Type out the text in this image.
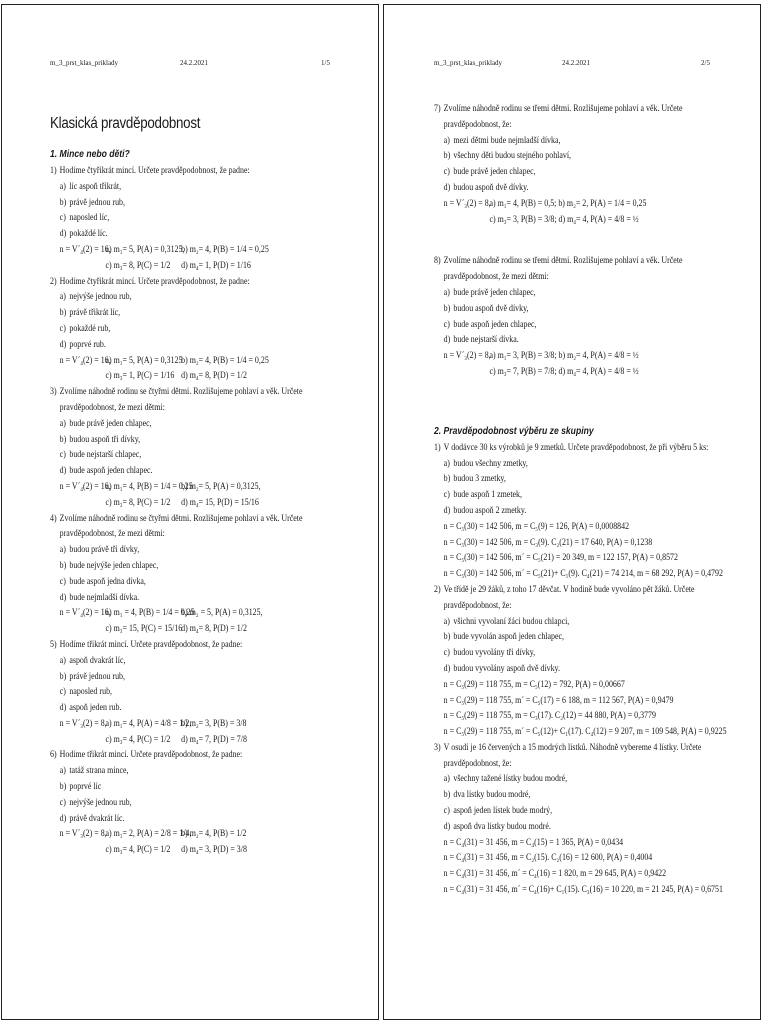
m_3_prst_klas_priklady	24.2.2021	1/5
Klasická pravděpodobnost
1. Mince nebo děti?
1) Hodíme čtyřikrát mincí. Určete pravděpodobnost, že padne:
a) líc aspoň třikrát,
b) právě jednou rub,
c) naposled líc,
d) pokaždé líc.
n = V´₄(2) = 16,
a) m₁= 5, P(A) = 0,3125,
b) m₂= 4, P(B) = 1/4 = 0,25
c) m₃= 8, P(C) = 1/2 d) m₄= 1, P(D) = 1/16
2) Hodíme čtyřikrát mincí. Určete pravděpodobnost, že padne:
a) nejvýše jednou rub,
b) právě třikrát líc,
c) pokaždé rub,
d) poprvé rub.
n = V´₄(2) = 16,
a) m₁= 5, P(A) = 0,3125
b) m₂= 4, P(B) = 1/4 = 0,25
c) m₃= 1, P(C) = 1/16 d) m₄= 8, P(D) = 1/2
3) Zvolíme náhodně rodinu se čtyřmi dětmi. Rozlišujeme pohlaví a věk. Určete
pravděpodobnost, že mezi dětmi:
a) bude právě jeden chlapec,
b) budou aspoň tři dívky,
c) bude nejstarší chlapec,
d) bude aspoň jeden chlapec.
n = V´₄(2) = 16,
a) m₁= 4, P(B) = 1/4 = 0,25
b) m₂= 5, P(A) = 0,3125,
c) m₃= 8, P(C) = 1/2 d) m₄= 15, P(D) = 15/16
4) Zvolíme náhodně rodinu se čtyřmi dětmi. Rozlišujeme pohlaví a věk. Určete
pravděpodobnost, že mezi dětmi:
a) budou právě tři dívky,
b) bude nejvýše jeden chlapec,
c) bude aspoň jedna dívka,
d) bude nejmladší dívka.
n = V´₄(2) = 16,
a) m₁ = 4, P(B) = 1/4 = 0,25
b) m₂ = 5, P(A) = 0,3125,
c) m₃= 15, P(C) = 15/16
d) m₄= 8, P(D) = 1/2
5) Hodíme třikrát mincí. Určete pravděpodobnost, že padne:
a) aspoň dvakrát líc,
b) právě jednou rub,
c) naposled rub,
d) aspoň jeden rub.
n = V´₃(2) = 8,
a) m₁= 4, P(A) = 4/8 = 1/2,
b) m₂= 3, P(B) = 3/8
c) m₃= 4, P(C) = 1/2 d) m₄= 7, P(D) = 7/8
6) Hodíme třikrát mincí. Určete pravděpodobnost, že padne:
a) tatáž strana mince,
b) poprvé líc
c) nejvýše jednou rub,
d) právě dvakrát líc.
n = V´₃(2) = 8,
a) m₁= 2, P(A) = 2/8 = 1/4,
b) m₂= 4, P(B) = 1/2
c) m₃= 4, P(C) = 1/2 d) m₄= 3, P(D) = 3/8
m_3_prst_klas_priklady	24.2.2021	2/5
7) Zvolíme náhodně rodinu se třemi dětmi. Rozlišujeme pohlaví a věk. Určete
pravděpodobnost, že:
a) mezi dětmi bude nejmladší dívka,
b) všechny děti budou stejného pohlaví,
c) bude právě jeden chlapec,
d) budou aspoň dvě dívky.
n = V´₃(2) = 8,
a) m₁= 4, P(B) = 0,5; b) m₂= 2, P(A) = 1/4 = 0,25
c) m₃= 3, P(B) = 3/8; d) m₄= 4, P(A) = 4/8 = ½
8) Zvolíme náhodně rodinu se třemi dětmi. Rozlišujeme pohlaví a věk. Určete
pravděpodobnost, že mezi dětmi:
a) bude právě jeden chlapec,
b) budou aspoň dvě dívky,
c) bude aspoň jeden chlapec,
d) bude nejstarší dívka.
n = V´₃(2) = 8,
a) m₁= 3, P(B) = 3/8; b) m₂= 4, P(A) = 4/8 = ½
c) m₃= 7, P(B) = 7/8; d) m₄= 4, P(A) = 4/8 = ½
2. Pravděpodobnost výběru ze skupiny
1) V dodávce 30 ks výrobků je 9 zmetků. Určete pravděpodobnost, že při výběru 5 ks:
a) budou všechny zmetky,
b) budou 3 zmetky,
c) bude aspoň 1 zmetek,
d) budou aspoň 2 zmetky.
n = C₅(30) = 142 506, m = C₅(9) = 126, P(A) = 0,0008842
n = C₅(30) = 142 506, m = C₃(9). C₂(21) = 17 640, P(A) = 0,1238
n = C₅(30) = 142 506, m´ = C₅(21) = 20 349, m = 122 157, P(A) = 0,8572
n = C₅(30) = 142 506, m´ = C₅(21)+ C₁(9). C₄(21) = 74 214, m = 68 292, P(A) = 0,4792
2) Ve třídě je 29 žáků, z toho 17 děvčat. V hodině bude vyvoláno pět žáků. Určete
pravděpodobnost, že:
a) všichni vyvolaní žáci budou chlapci,
b) bude vyvolán aspoň jeden chlapec,
c) budou vyvolány tři dívky,
d) budou vyvolány aspoň dvě dívky.
n = C₅(29) = 118 755, m = C₅(12) = 792, P(A) = 0,00667
n = C₅(29) = 118 755, m´ = C₅(17) = 6 188, m = 112 567, P(A) = 0,9479
n = C₅(29) = 118 755, m = C₃(17). C₂(12) = 44 880, P(A) = 0,3779
n = C₅(29) = 118 755, m´ = C₅(12)+ C₁(17). C₄(12) = 9 207, m = 109 548, P(A) = 0,9225
3) V osudí je 16 červených a 15 modrých lístků. Náhodně vybereme 4 lístky. Určete
pravděpodobnost, že:
a) všechny tažené lístky budou modré,
b) dva lístky budou modré,
c) aspoň jeden lístek bude modrý,
d) aspoň dva lístky budou modré.
n = C₄(31) = 31 456, m = C₄(15) = 1 365, P(A) = 0,0434
n = C₄(31) = 31 456, m = C₂(15). C₂(16) = 12 600, P(A) = 0,4004
n = C₄(31) = 31 456, m´ = C₄(16) = 1 820, m = 29 645, P(A) = 0,9422
n = C₄(31) = 31 456, m´ = C₄(16)+ C₁(15). C₃(16) = 10 220, m = 21 245, P(A) = 0,6751
